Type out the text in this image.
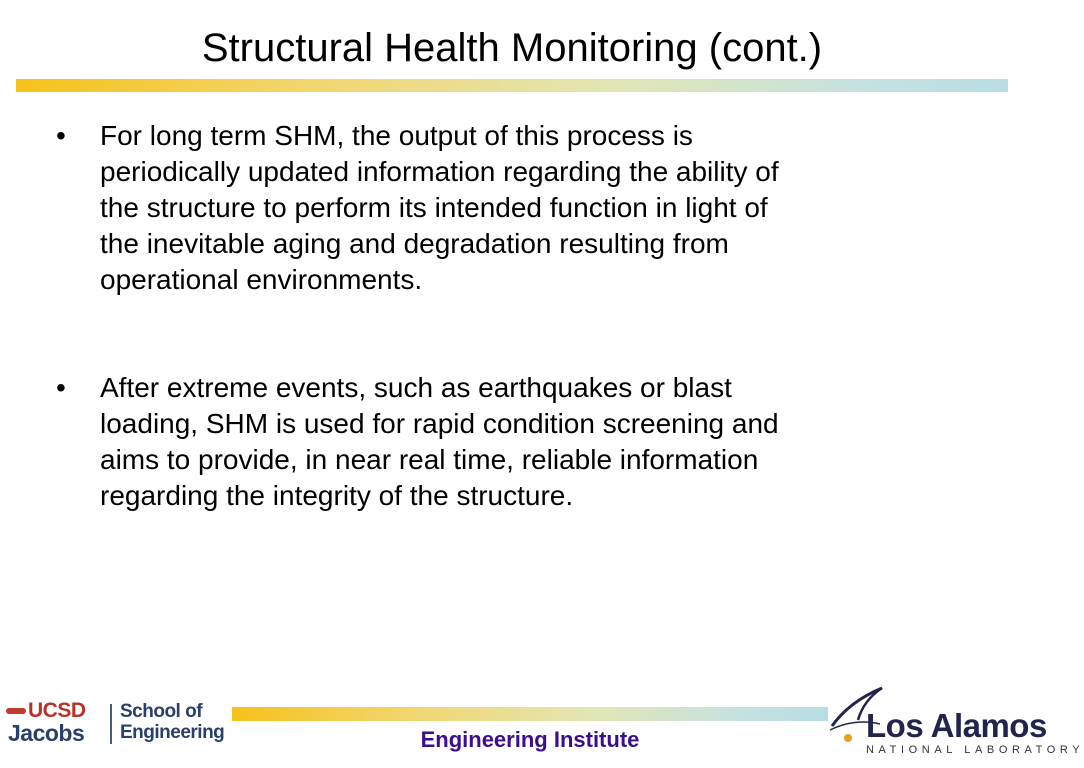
Structural Health Monitoring (cont.)
• For long term SHM, the output of this process is
periodically updated information regarding the ability of
the structure to perform its intended function in light of
the inevitable aging and degradation resulting from
operational environments.
• After extreme events, such as earthquakes or blast
loading, SHM is used for rapid condition screening and
aims to provide, in near real time, reliable information
regarding the integrity of the structure.
UCSD
Jacobs
School of
Engineering	Engineering Institute	Los Alamos
NATIONAL LABORATORY
